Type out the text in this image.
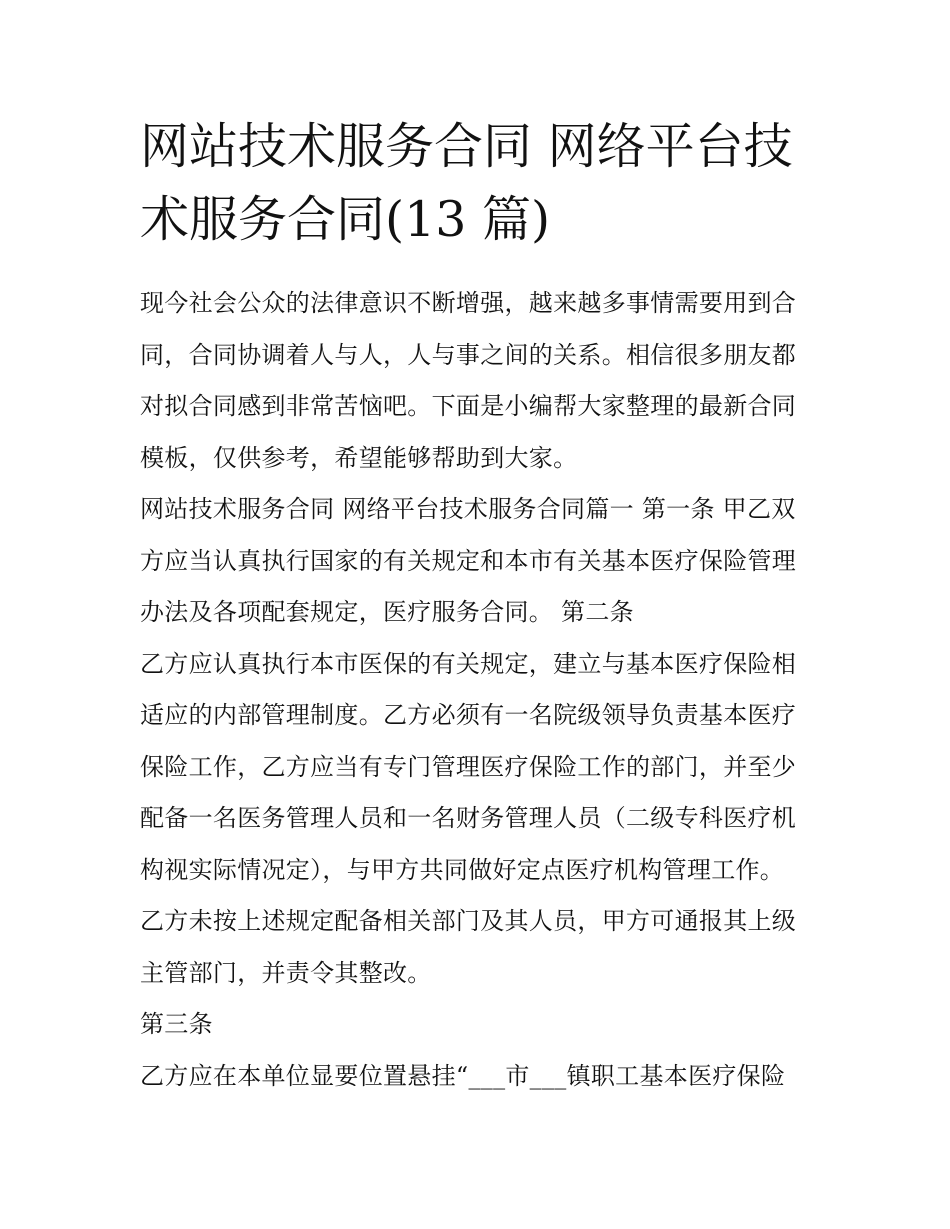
网站技术服务合同 网络平台技
术服务合同(13 篇)

现今社会公众的法律意识不断增强，越来越多事情需要用到合
同，合同协调着人与人，人与事之间的关系。相信很多朋友都
对拟合同感到非常苦恼吧。下面是小编帮大家整理的最新合同
模板，仅供参考，希望能够帮助到大家。

网站技术服务合同 网络平台技术服务合同篇一 第一条 甲乙双
方应当认真执行国家的有关规定和本市有关基本医疗保险管理
办法及各项配套规定，医疗服务合同。 第二条

乙方应认真执行本市医保的有关规定，建立与基本医疗保险相
适应的内部管理制度。乙方必须有一名院级领导负责基本医疗
保险工作，乙方应当有专门管理医疗保险工作的部门，并至少
配备一名医务管理人员和一名财务管理人员（二级专科医疗机
构视实际情况定），与甲方共同做好定点医疗机构管理工作。
乙方未按上述规定配备相关部门及其人员，甲方可通报其上级
主管部门，并责令其整改。

第三条

乙方应在本单位显要位置悬挂“___市___镇职工基本医疗保险
